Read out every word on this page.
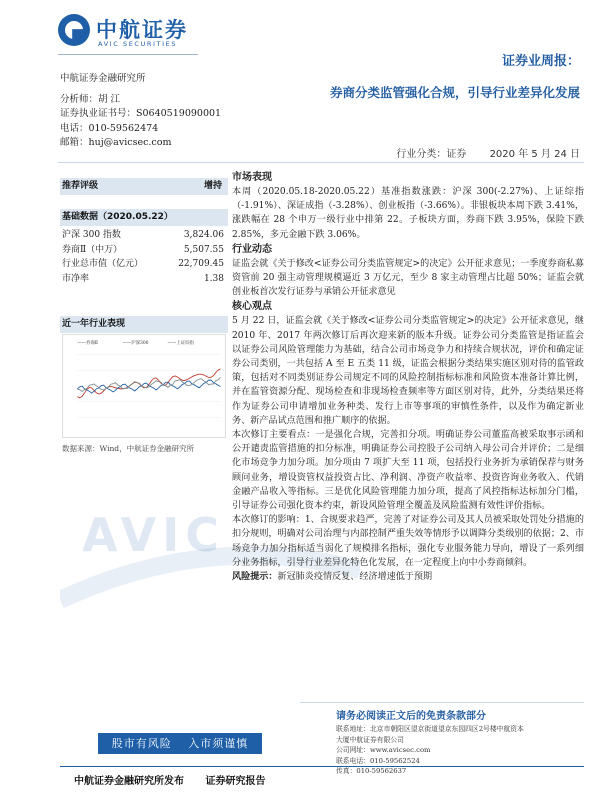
中航证券
AVIC SECURITIES
中航证券金融研究所
分析师：胡 江
证券执业证书号：S0640519090001
电话：010-59562474
邮箱：huj@avicsec.com
证券业周报：
券商分类监管强化合规，引导行业差异化发展
行业分类：证券 2020 年 5 月 24 日
推荐评级	增持
基础数据（2020.05.22）
沪深 300 指数	3,824.06
券商Ⅱ（中万）	5,507.55
行业总市值（亿元）	22,709.45
市净率	1.38
近一年行业表现
——券商Ⅱ	——沪深300	——上证综指
数据来源：Wind，中航证券金融研究所
AVIC
市场表现

本周（2020.05.18-2020.05.22）基准指数涨跌：沪深 300(-2.27%)、上证综指（-1.91%）、深证成指（-3.28%）、创业板指（-3.66%）。非银板块本周下跌 3.41%，涨跌幅在 28 个申万一级行业中排第 22。子板块方面，券商下跌 3.95%，保险下跌 2.85%，多元金融下跌 3.06%。

行业动态

证监会就《关于修改<证券公司分类监管规定>的决定》公开征求意见；一季度券商私募资管前 20 强主动管理规模逼近 3 万亿元，至少 8 家主动管理占比超 50%；证监会就创业板首次发行证券与承销公开征求意见

核心观点

5 月 22 日，证监会就《关于修改<证券公司分类监管规定>的决定》公开征求意见，继 2010 年、2017 年两次修订后再次迎来新的版本升级。证券公司分类监管是指证监会以证券公司风险管理能力为基础，结合公司市场竞争力和持续合规状况，评价和确定证券公司类别，一共包括 A 至 E 五类 11 级，证监会根据分类结果实施区别对待的监管政策，包括对不同类别证券公司规定不同的风险控制指标标准和风险资本准备计算比例，并在监管资源分配、现场检查和非现场检查频率等方面区别对待，此外，分类结果还将作为证券公司申请增加业务种类、发行上市等事项的审慎性条件，以及作为确定新业务、新产品试点范围和推广顺序的依据。

本次修订主要看点：一是强化合规，完善扣分项。明确证券公司董监高被采取事示函和公开谴责监管措施的扣分标准，明确证券公司控股子公司纳入母公司合并评价；二是细化市场竞争力加分项。加分项由 7 项扩大至 11 项，包括投行业务折为承销保荐与财务顾问业务，增设资管权益投资占比、净利润、净资产收益率、投资咨询业务收入、代销金融产品收入等指标。三是优化风险管理能力加分项，提高了风控指标达标加分门槛，引导证券公司强化资本约束，新设风险管理全覆盖及风险监测有效性评价指标。

本次修订的影响：1、合规要求趋严，完善了对证券公司及其人员被采取处罚处分措施的扣分规则，明确对公司治理与内部控制严重失效等情形予以调降分类级别的依据；2、市场竞争力加分指标适当弱化了规模排名指标，强化专业服务能力导向，增设了一系列细分业务指标，引导行业差异化特色化发展，在一定程度上向中小券商倾斜。

风险提示：新冠肺炎疫情反复、经济增速低于预期

请务必阅读正文后的免责条款部分
联系地址：北京市朝阳区望京街道望京东园四区2号楼中航资本
大厦中航证券有限公司
公司网址：www.avicsec.com
联系电话：010-59562524
传真：010-59562637
股市有风险 入市须谨慎
中航证券金融研究所发布 证券研究报告
